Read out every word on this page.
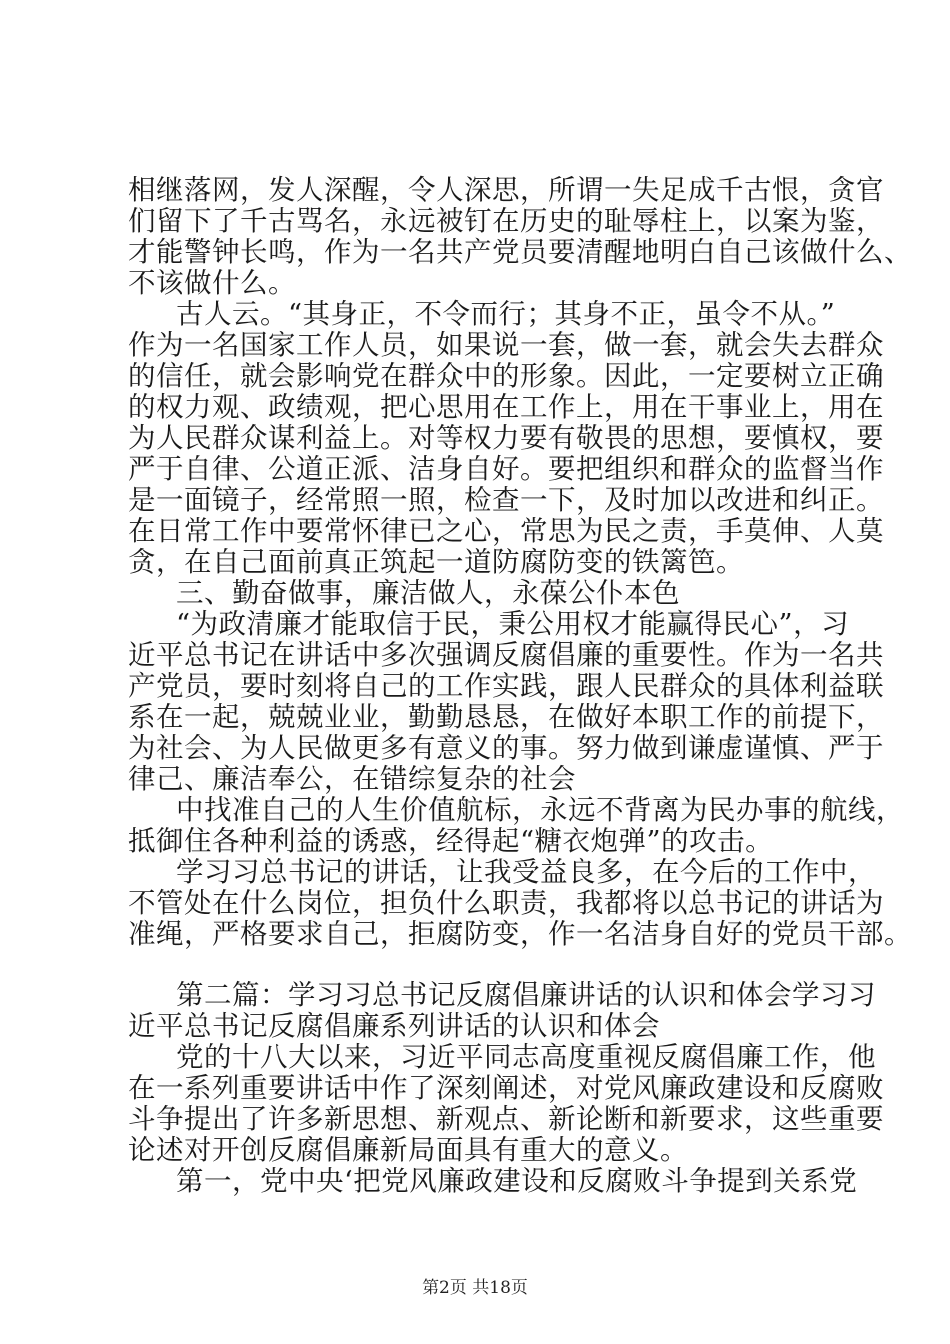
相继落网，发人深醒，令人深思，所谓一失足成千古恨，贪官
们留下了千古骂名，永远被钉在历史的耻辱柱上，以案为鉴，
才能警钟长鸣，作为一名共产党员要清醒地明白自己该做什么、
不该做什么。
古人云。“其身正，不令而行；其身不正，虽令不从。”
作为一名国家工作人员，如果说一套，做一套，就会失去群众
的信任，就会影响党在群众中的形象。因此，一定要树立正确
的权力观、政绩观，把心思用在工作上，用在干事业上，用在
为人民群众谋利益上。对等权力要有敬畏的思想，要慎权，要
严于自律、公道正派、洁身自好。要把组织和群众的监督当作
是一面镜子，经常照一照，检查一下，及时加以改进和纠正。
在日常工作中要常怀律已之心，常思为民之责，手莫伸、人莫
贪，在自己面前真正筑起一道防腐防变的铁篱笆。
三、勤奋做事，廉洁做人，永葆公仆本色
“为政清廉才能取信于民，秉公用权才能赢得民心”，习
近平总书记在讲话中多次强调反腐倡廉的重要性。作为一名共
产党员，要时刻将自己的工作实践，跟人民群众的具体利益联
系在一起，兢兢业业，勤勤恳恳，在做好本职工作的前提下，
为社会、为人民做更多有意义的事。努力做到谦虚谨慎、严于
律己、廉洁奉公，在错综复杂的社会
中找准自己的人生价值航标，永远不背离为民办事的航线，
抵御住各种利益的诱惑，经得起“糖衣炮弹”的攻击。
学习习总书记的讲话，让我受益良多，在今后的工作中，
不管处在什么岗位，担负什么职责，我都将以总书记的讲话为
准绳，严格要求自己，拒腐防变，作一名洁身自好的党员干部。
第二篇：学习习总书记反腐倡廉讲话的认识和体会学习习
近平总书记反腐倡廉系列讲话的认识和体会
党的十八大以来，习近平同志高度重视反腐倡廉工作，他
在一系列重要讲话中作了深刻阐述，对党风廉政建设和反腐败
斗争提出了许多新思想、新观点、新论断和新要求，这些重要
论述对开创反腐倡廉新局面具有重大的意义。
第一，党中央‘把党风廉政建设和反腐败斗争提到关系党
第2页 共18页
